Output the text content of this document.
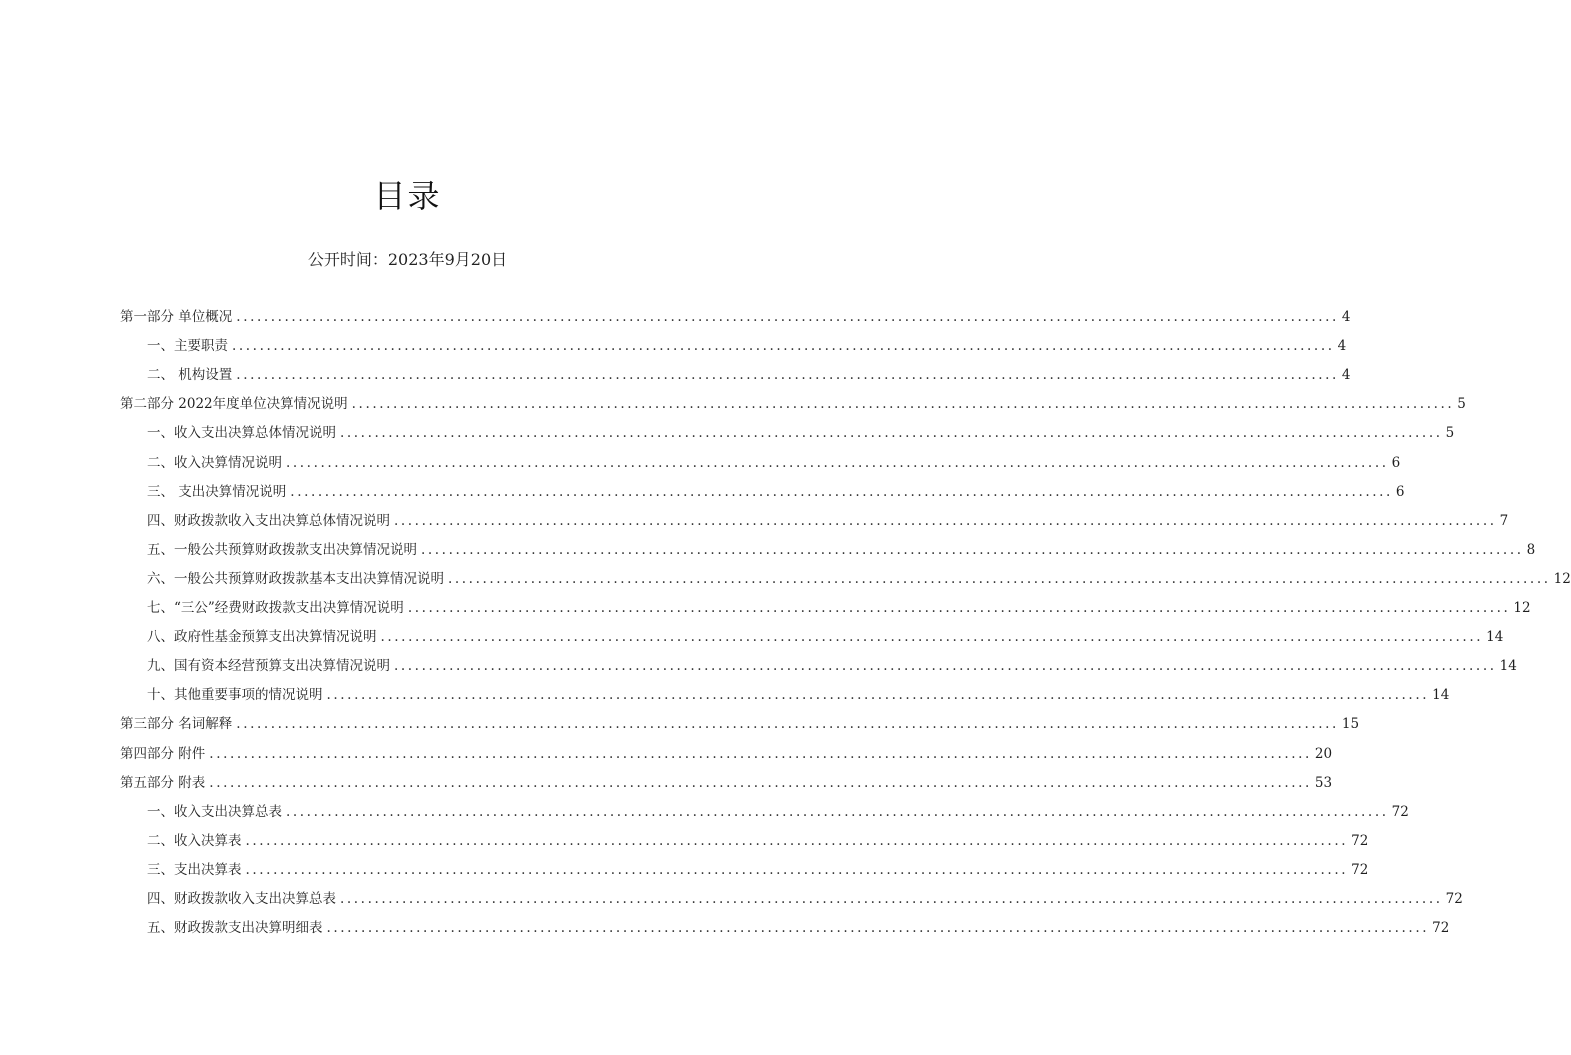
目录
公开时间：2023年9月20日
第一部分 单位概况 ................................................................................................................................................................ 4
一、主要职责 ................................................................................................................................................................ 4
二、 机构设置 ................................................................................................................................................................ 4
第二部分 2022年度单位决算情况说明 ................................................................................................................................................................ 5
一、收入支出决算总体情况说明 ................................................................................................................................................................ 5
二、收入决算情况说明 ................................................................................................................................................................ 6
三、 支出决算情况说明 ................................................................................................................................................................ 6
四、财政拨款收入支出决算总体情况说明 ................................................................................................................................................................ 7
五、一般公共预算财政拨款支出决算情况说明 ................................................................................................................................................................ 8
六、一般公共预算财政拨款基本支出决算情况说明 ................................................................................................................................................................ 12
七、“三公”经费财政拨款支出决算情况说明 ................................................................................................................................................................ 12
八、政府性基金预算支出决算情况说明 ................................................................................................................................................................ 14
九、国有资本经营预算支出决算情况说明 ................................................................................................................................................................ 14
十、其他重要事项的情况说明 ................................................................................................................................................................ 14
第三部分 名词解释 ................................................................................................................................................................ 15
第四部分 附件 ................................................................................................................................................................ 20
第五部分 附表 ................................................................................................................................................................ 53
一、收入支出决算总表 ................................................................................................................................................................ 72
二、收入决算表 ................................................................................................................................................................ 72
三、支出决算表 ................................................................................................................................................................ 72
四、财政拨款收入支出决算总表 ................................................................................................................................................................ 72
五、财政拨款支出决算明细表 ................................................................................................................................................................ 72
